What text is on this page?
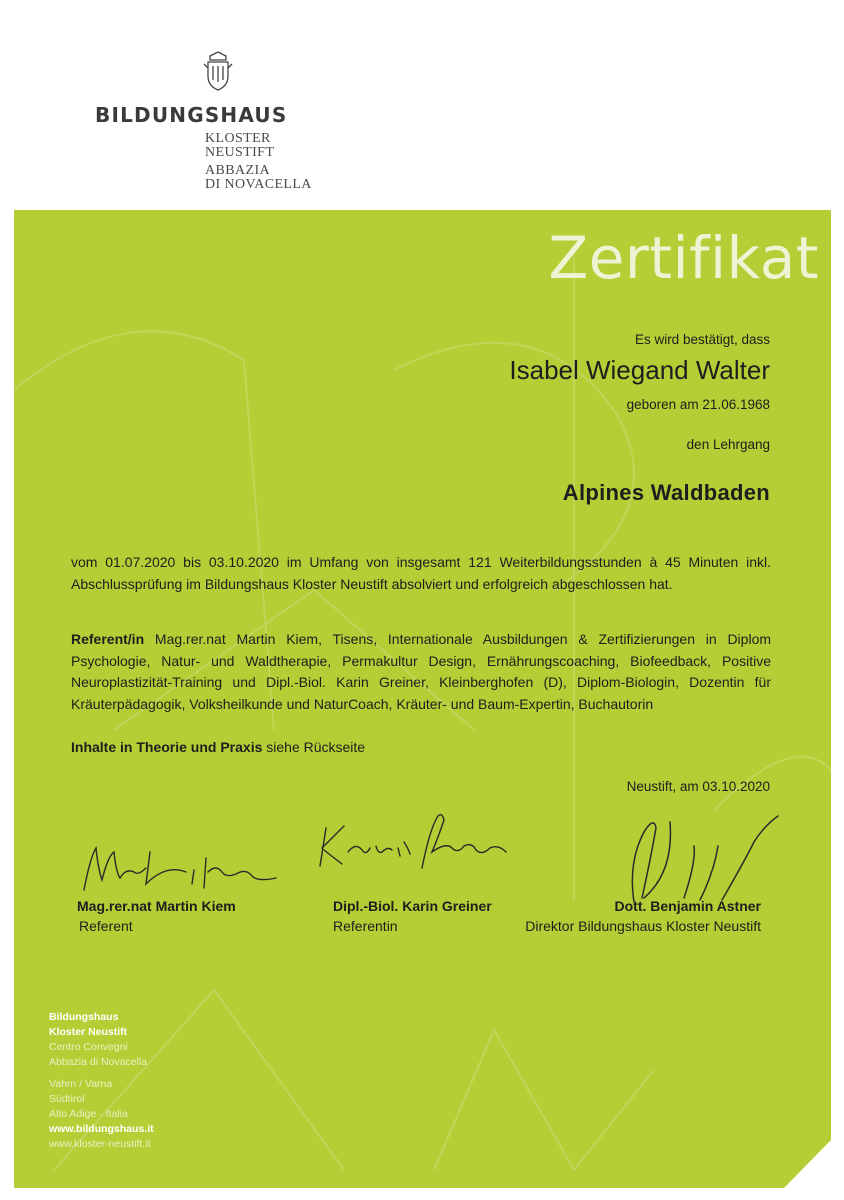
BILDUNGSHAUS
KLOSTER
NEUSTIFT
ABBAZIA
DI NOVACELLA
Zertifikat
Es wird bestätigt, dass
Isabel Wiegand Walter
geboren am 21.06.1968
den Lehrgang
Alpines Waldbaden
vom 01.07.2020 bis 03.10.2020 im Umfang von insgesamt 121 Weiterbildungsstunden à 45 Minuten inkl. Abschlussprüfung im Bildungshaus Kloster Neustift absolviert und erfolgreich abgeschlossen hat.
Referent/in Mag.rer.nat Martin Kiem, Tisens, Internationale Ausbildungen & Zertifizierungen in Diplom Psychologie, Natur- und Waldtherapie, Permakultur Design, Ernährungscoaching, Biofeedback, Positive Neuroplastizität-Training und Dipl.-Biol. Karin Greiner, Kleinberghofen (D), Diplom-Biologin, Dozentin für Kräuterpädagogik, Volksheilkunde und NaturCoach, Kräuter- und Baum-Expertin, Buchautorin
Inhalte in Theorie und Praxis siehe Rückseite
Neustift, am 03.10.2020
Mag.rer.nat Martin Kiem
Referent
Dipl.-Biol. Karin Greiner
Referentin
Dott. Benjamin Astner
Direktor Bildungshaus Kloster Neustift
Bildungshaus
Kloster Neustift
Centro Convegni
Abbazia di Novacella
Vahrn / Varna
Südtirol
Alto Adige · Italia
www.bildungshaus.it
www.kloster-neustift.it
